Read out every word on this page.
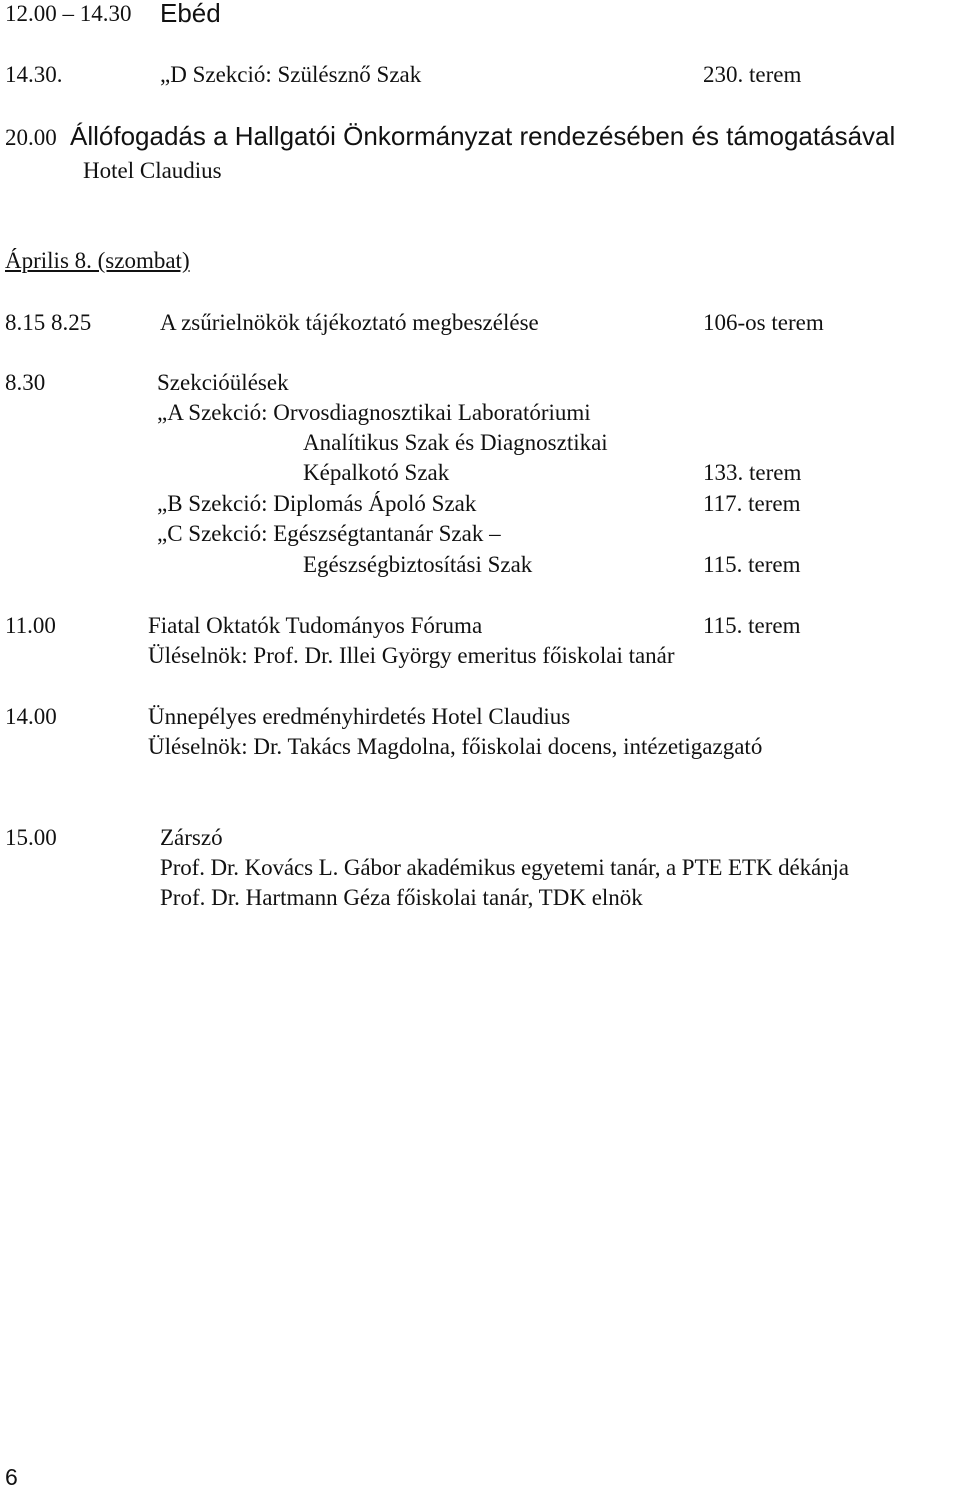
12.00 – 14.30 Ebéd
14.30.	„D Szekció: Szülésznő Szak	230. terem
20.00 Állófogadás a Hallgatói Önkormányzat rendezésében és támogatásával
Hotel Claudius
Április 8. (szombat)
8.15 8.25	A zsűrielnökök tájékoztató megbeszélése	106-os terem
8.30	Szekcióülések
„A Szekció: Orvosdiagnosztikai Laboratóriumi
Analítikus Szak és Diagnosztikai
Képalkotó Szak	133. terem
„B Szekció: Diplomás Ápoló Szak	117. terem
„C Szekció: Egészségtantanár Szak –
Egészségbiztosítási Szak	115. terem
11.00	Fiatal Oktatók Tudományos Fóruma	115. terem
Üléselnök: Prof. Dr. Illei György emeritus főiskolai tanár
14.00	Ünnepélyes eredményhirdetés Hotel Claudius
Üléselnök: Dr. Takács Magdolna, főiskolai docens, intézetigazgató
15.00	Zárszó
Prof. Dr. Kovács L. Gábor akadémikus egyetemi tanár, a PTE ETK dékánja
Prof. Dr. Hartmann Géza főiskolai tanár, TDK elnök
6
